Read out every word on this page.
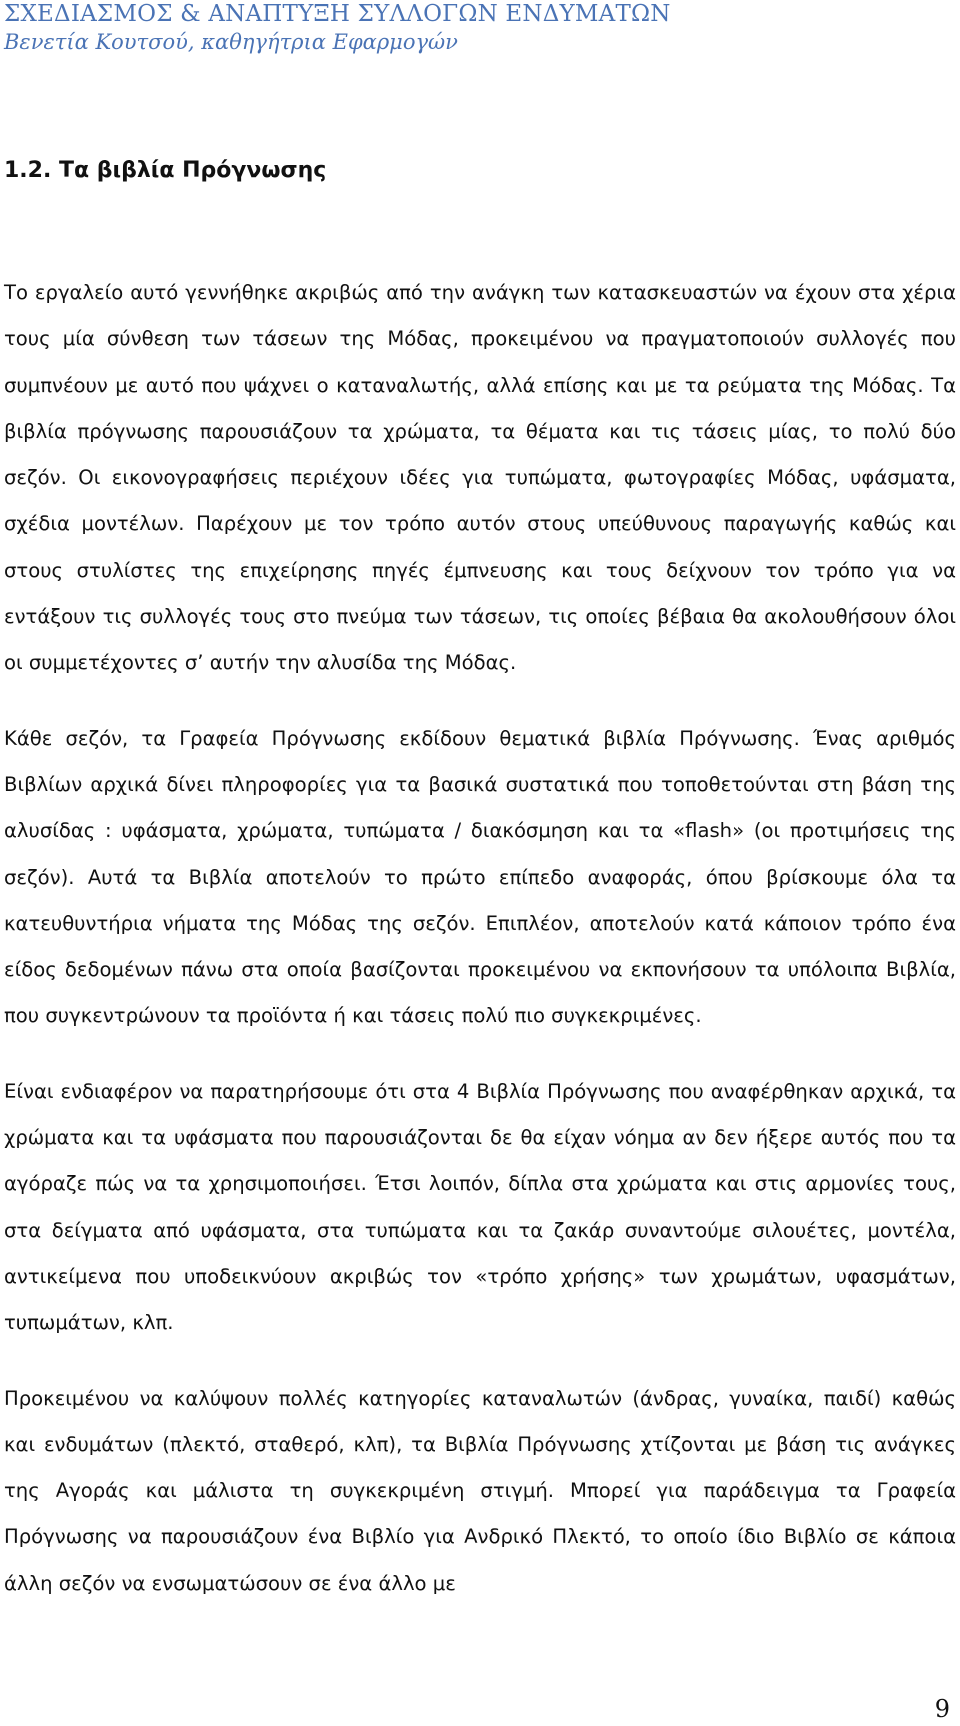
ΣΧΕΔΙΑΣΜΟΣ & ΑΝΑΠΤΥΞΗ ΣΥΛΛΟΓΩΝ ΕΝΔΥΜΑΤΩΝ
Βενετία Κουτσού, καθηγήτρια Εφαρμογών
1.2. Τα βιβλία Πρόγνωσης

Το εργαλείο αυτό γεννήθηκε ακριβώς από την ανάγκη των κατασκευαστών να έχουν στα χέρια τους μία σύνθεση των τάσεων της Μόδας, προκειμένου να πραγματοποιούν συλλογές που συμπνέουν με αυτό που ψάχνει ο καταναλωτής, αλλά επίσης και με τα ρεύματα της Μόδας. Τα βιβλία πρόγνωσης παρουσιάζουν τα χρώματα, τα θέματα και τις τάσεις μίας, το πολύ δύο σεζόν. Οι εικονογραφήσεις περιέχουν ιδέες για τυπώματα, φωτογραφίες Μόδας, υφάσματα, σχέδια μοντέλων. Παρέχουν με τον τρόπο αυτόν στους υπεύθυνους παραγωγής καθώς και στους στυλίστες της επιχείρησης πηγές έμπνευσης και τους δείχνουν τον τρόπο για να εντάξουν τις συλλογές τους στο πνεύμα των τάσεων, τις οποίες βέβαια θα ακολουθήσουν όλοι οι συμμετέχοντες σ’ αυτήν την αλυσίδα της Μόδας.

Κάθε σεζόν, τα Γραφεία Πρόγνωσης εκδίδουν θεματικά βιβλία Πρόγνωσης. Ένας αριθμός Βιβλίων αρχικά δίνει πληροφορίες για τα βασικά συστατικά που τοποθετούνται στη βάση της αλυσίδας : υφάσματα, χρώματα, τυπώματα / διακόσμηση και τα «flash» (οι προτιμήσεις της σεζόν). Αυτά τα Βιβλία αποτελούν το πρώτο επίπεδο αναφοράς, όπου βρίσκουμε όλα τα κατευθυντήρια νήματα της Μόδας της σεζόν. Επιπλέον, αποτελούν κατά κάποιον τρόπο ένα είδος δεδομένων πάνω στα οποία βασίζονται προκειμένου να εκπονήσουν τα υπόλοιπα Βιβλία, που συγκεντρώνουν τα προϊόντα ή και τάσεις πολύ πιο συγκεκριμένες.

Είναι ενδιαφέρον να παρατηρήσουμε ότι στα 4 Βιβλία Πρόγνωσης που αναφέρθηκαν αρχικά, τα χρώματα και τα υφάσματα που παρουσιάζονται δε θα είχαν νόημα αν δεν ήξερε αυτός που τα αγόραζε πώς να τα χρησιμοποιήσει. Έτσι λοιπόν, δίπλα στα χρώματα και στις αρμονίες τους, στα δείγματα από υφάσματα, στα τυπώματα και τα ζακάρ συναντούμε σιλουέτες, μοντέλα, αντικείμενα που υποδεικνύουν ακριβώς τον «τρόπο χρήσης» των χρωμάτων, υφασμάτων, τυπωμάτων, κλπ.

Προκειμένου να καλύψουν πολλές κατηγορίες καταναλωτών (άνδρας, γυναίκα, παιδί) καθώς και ενδυμάτων (πλεκτό, σταθερό, κλπ), τα Βιβλία Πρόγνωσης χτίζονται με βάση τις ανάγκες της Αγοράς και μάλιστα τη συγκεκριμένη στιγμή. Μπορεί για παράδειγμα τα Γραφεία Πρόγνωσης να παρουσιάζουν ένα Βιβλίο για Ανδρικό Πλεκτό, το οποίο ίδιο Βιβλίο σε κάποια άλλη σεζόν να ενσωματώσουν σε ένα άλλο με

9
